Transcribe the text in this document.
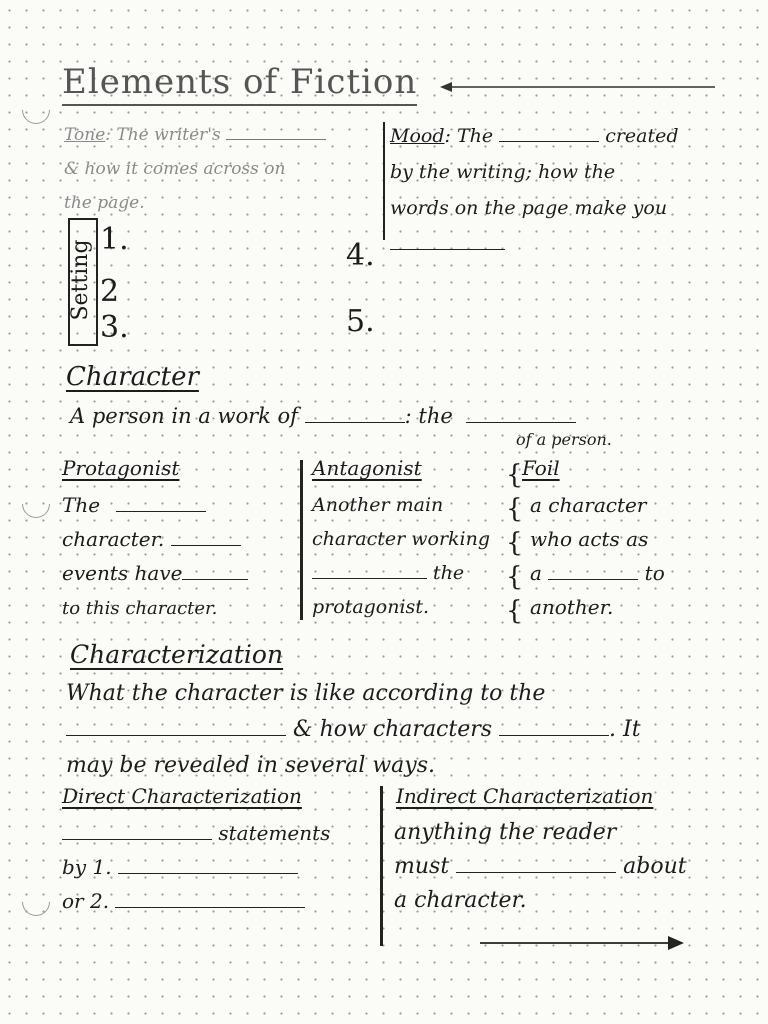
Elements of Fiction
Tone: The writer's
& how it comes across on
the page.
Mood: The	created
by the writing; how the
words on the page make you

Setting 1.
2
3.
4.
5.
Character
A person in a work of	: the
of a person.
Protagonist
The
character.
events have
to this character.
Antagonist
Another main
character working
the
protagonist.
{
{
{
{
{
Foil
a character
who acts as
a	to
another.
Characterization
What the character is like according to the
& how characters	. It
may be revealed in several ways.
Direct Characterization
statements
by 1.
or 2.
Indirect Characterization
anything the reader
must	about
a character.
